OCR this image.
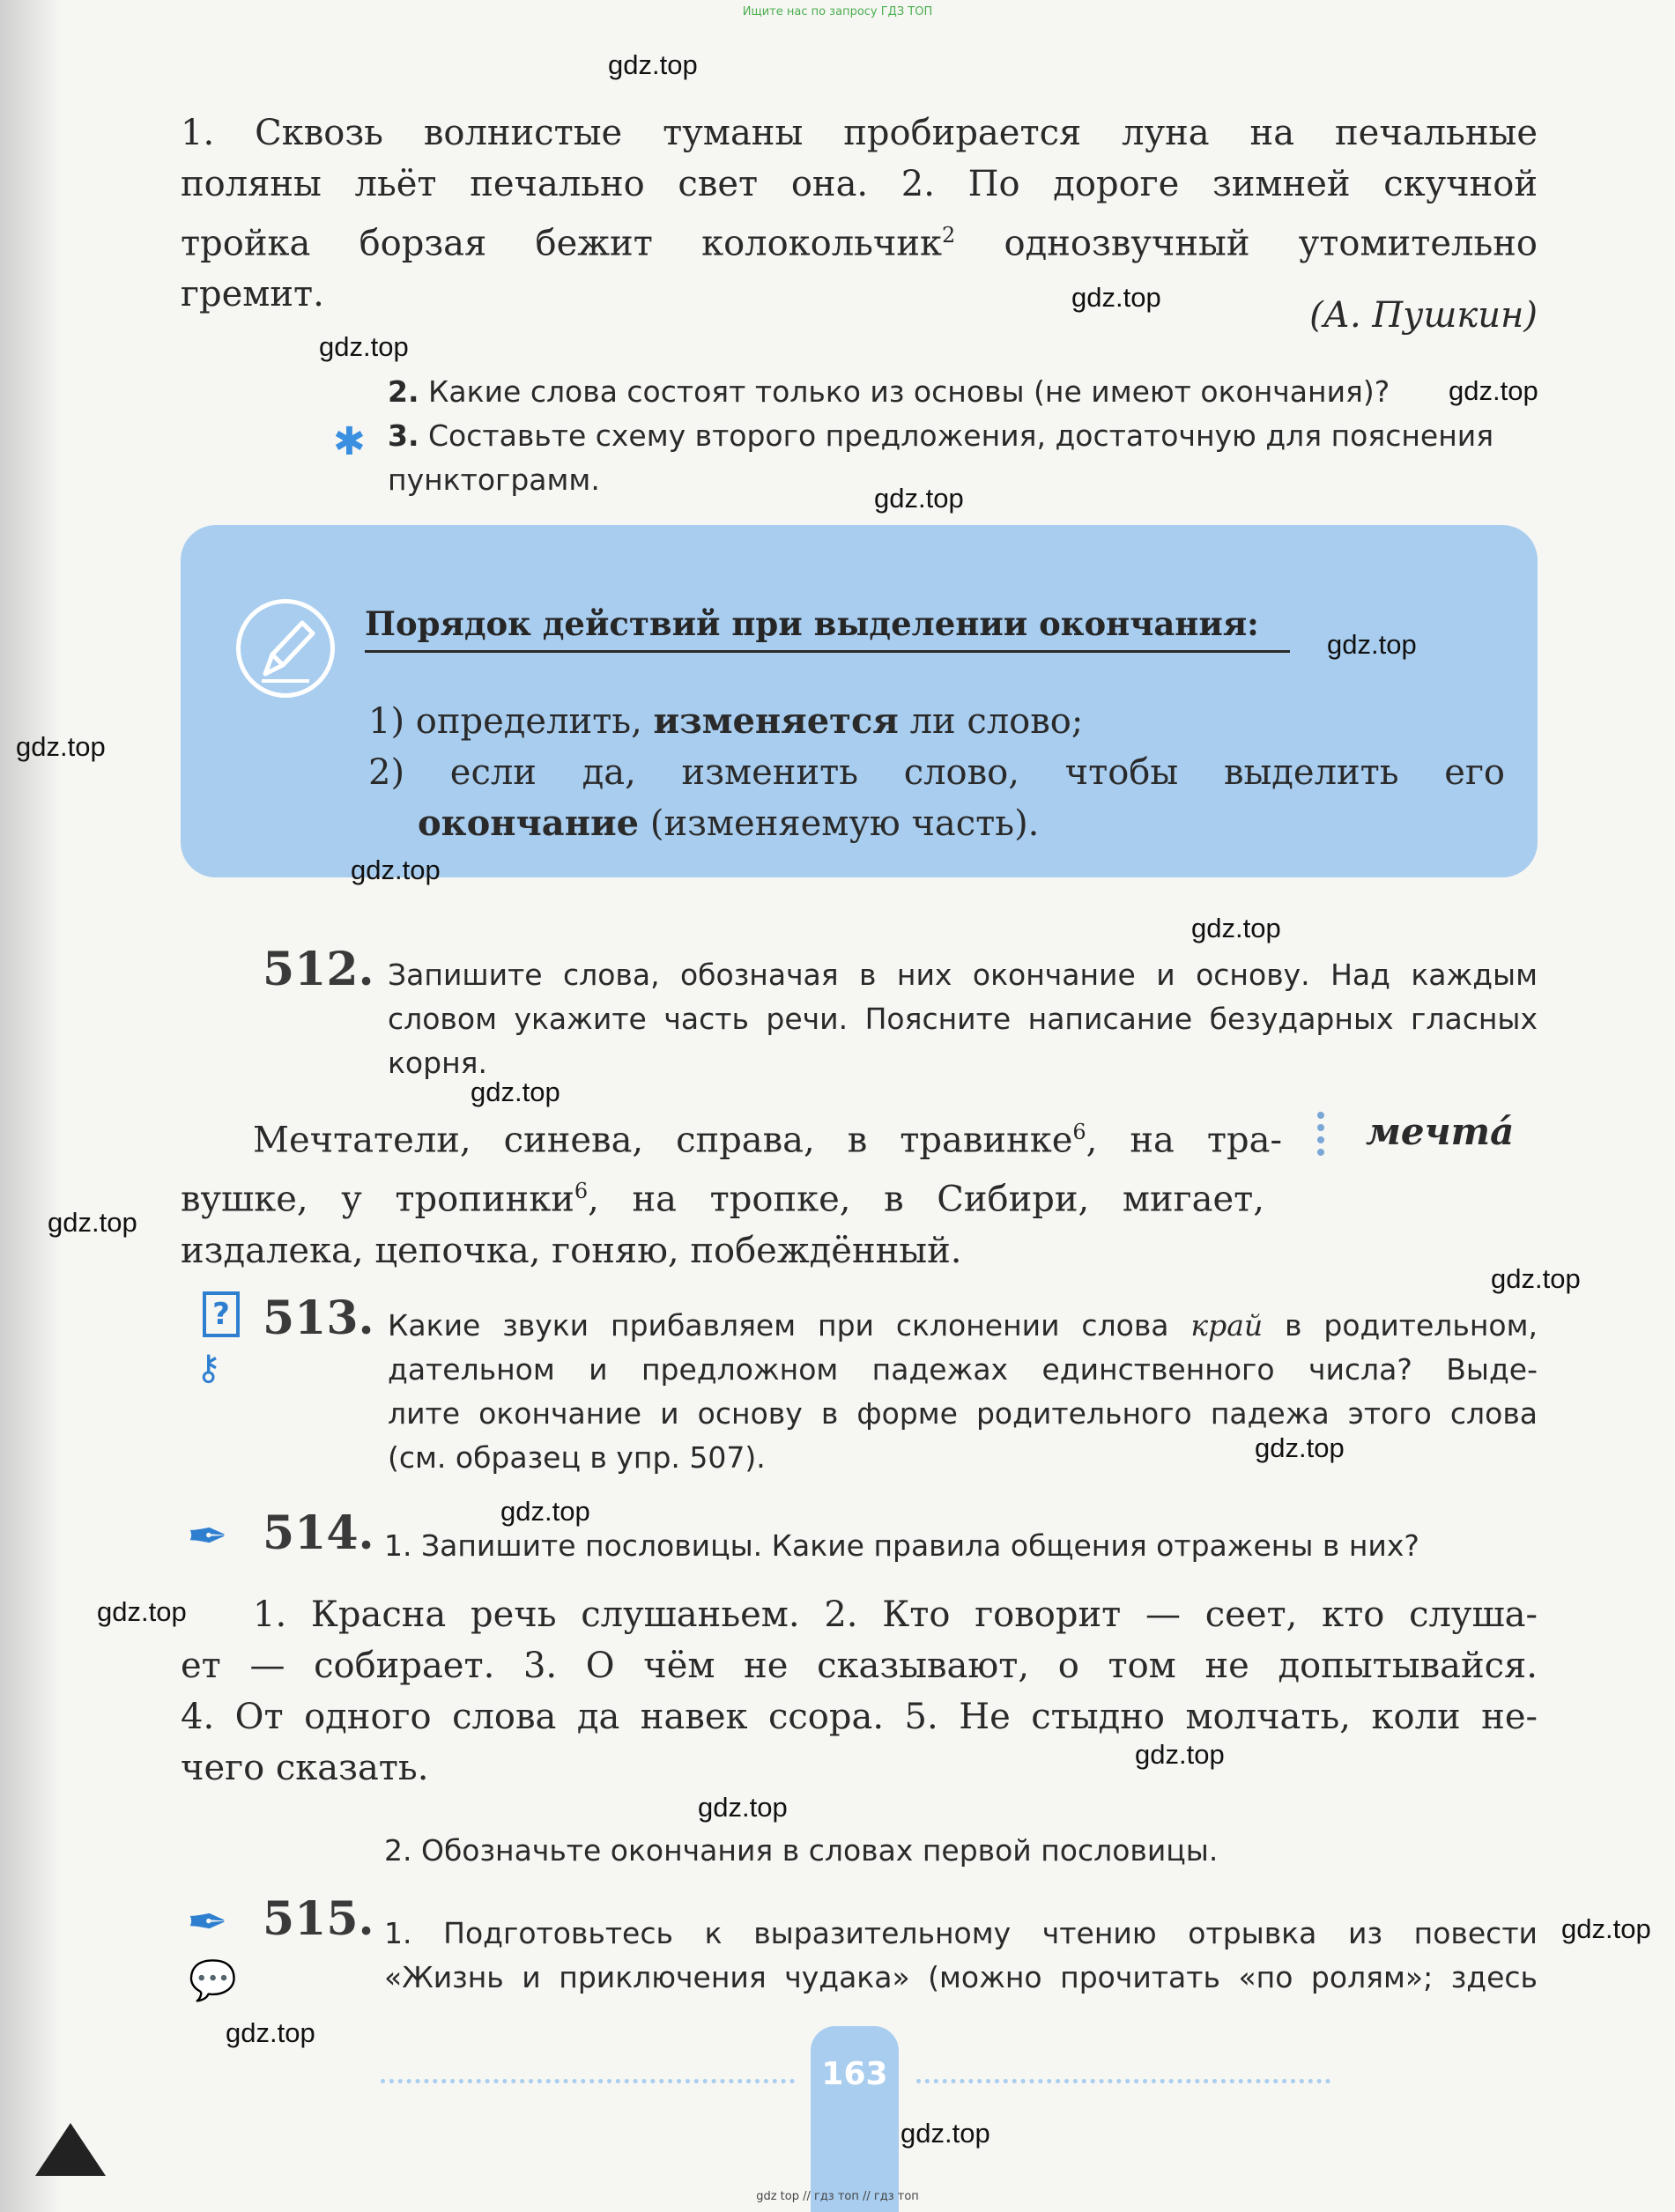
Ищите нас по запросу ГДЗ ТОП
1. Сквозь волнистые туманы пробирается луна на печальные
поляны льёт печально свет она. 2. По дороге зимней скучной
тройка борзая бежит колокольчик$^2$ однозвучный утомительно
гремит.
(А. Пушкин)
2. Какие слова состоят только из основы (не имеют окончания)?
✱ 3. Составьте схему второго предложения, достаточную для пояснения
пунктограмм.
Порядок действий при выделении окончания:
1) определить, изменяется ли слово;
2) если да, изменить слово, чтобы выделить его
окончание (изменяемую часть).
512. Запишите слова, обозначая в них окончание и основу. Над каждым
словом укажите часть речи. Поясните написание безударных гласных
корня.
Мечтатели, синева, справа, в травинке$^6$, на тра-
вушке, у тропинки$^6$, на тропке, в Сибири, мигает,
издалека, цепочка, гоняю, побеждённый.
мечтá
?
⚷
513. Какие звуки прибавляем при склонении слова край в родительном,
дательном и предложном падежах единственного числа? Выде-
лите окончание и основу в форме родительного падежа этого слова
(см. образец в упр. 507).
✒ 514. 1. Запишите пословицы. Какие правила общения отражены в них?
1. Красна речь слушаньем. 2. Кто говорит — сеет, кто слуша-
ет — собирает. 3. О чём не сказывают, о том не допытывайся.
4. От одного слова да навек ссора. 5. Не стыдно молчать, коли не-
чего сказать.
2. Обозначьте окончания в словах первой пословицы.
✒
💬
515. 1. Подготовьтесь к выразительному чтению отрывка из повести
«Жизнь и приключения чудака» (можно прочитать «по ролям»; здесь
163
gdz top // гдз топ // гдз топ
gdz.top
gdz.top
gdz.top
gdz.top
gdz.top
gdz.top
gdz.top
gdz.top
gdz.top
gdz.top
gdz.top
gdz.top
gdz.top
gdz.top
gdz.top
gdz.top
gdz.top
gdz.top
gdz.top
gdz.top
